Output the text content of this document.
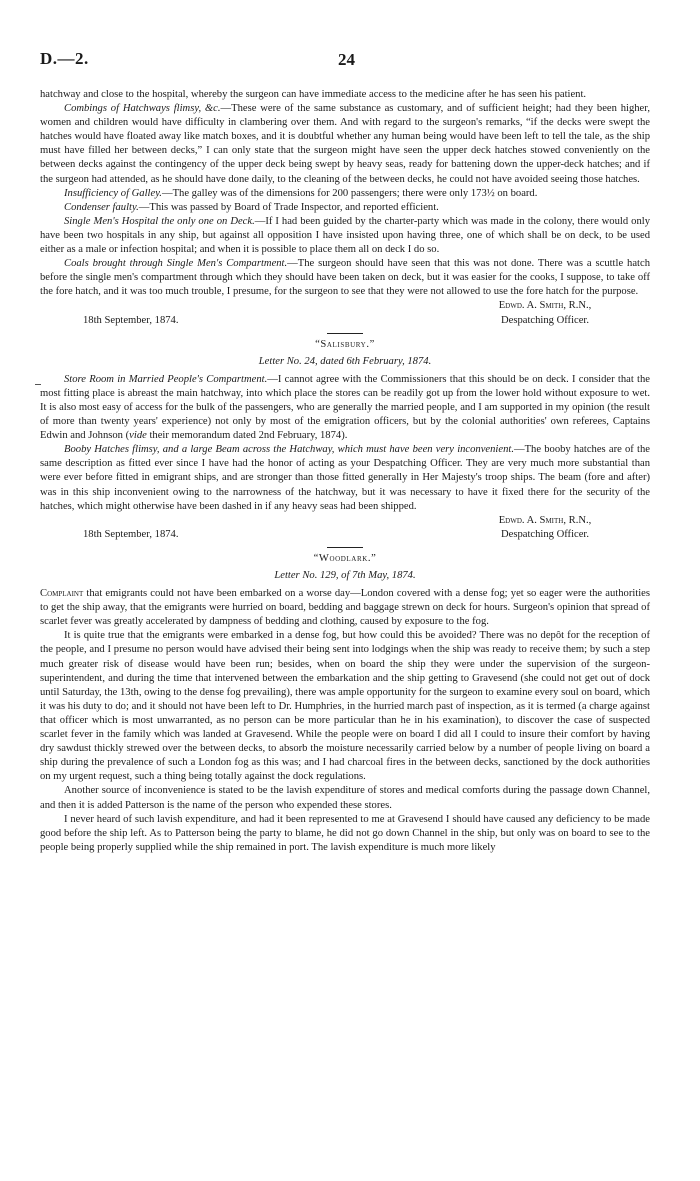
D.—2.	24

hatchway and close to the hospital, whereby the surgeon can have immediate access to the medicine after he has seen his patient.

Combings of Hatchways flimsy, &c.—These were of the same substance as customary, and of sufficient height; had they been higher, women and children would have difficulty in clambering over them. And with regard to the surgeon's remarks, “if the decks were swept the hatches would have floated away like match boxes, and it is doubtful whether any human being would have been left to tell the tale, as the ship must have filled her between decks,” I can only state that the surgeon might have seen the upper deck hatches stowed conveniently on the between decks against the contingency of the upper deck being swept by heavy seas, ready for battening down the upper-deck hatches; and if the surgeon had attended, as he should have done daily, to the cleaning of the between decks, he could not have avoided seeing those hatches.

Insufficiency of Galley.—The galley was of the dimensions for 200 passengers; there were only 173½ on board.

Condenser faulty.—This was passed by Board of Trade Inspector, and reported efficient.

Single Men's Hospital the only one on Deck.—If I had been guided by the charter-party which was made in the colony, there would only have been two hospitals in any ship, but against all opposition I have insisted upon having three, one of which shall be on deck, to be used either as a male or infection hospital; and when it is possible to place them all on deck I do so.

Coals brought through Single Men's Compartment.—The surgeon should have seen that this was not done. There was a scuttle hatch before the single men's compartment through which they should have been taken on deck, but it was easier for the cooks, I suppose, to take off the fore hatch, and it was too much trouble, I presume, for the surgeon to see that they were not allowed to use the fore hatch for the purpose.

Edwd. A. Smith, R.N.,
18th September, 1874.	Despatching Officer.

“Salisbury.”

Letter No. 24, dated 6th February, 1874.

Store Room in Married People's Compartment.—I cannot agree with the Commissioners that this should be on deck. I consider that the most fitting place is abreast the main hatchway, into which place the stores can be readily got up from the lower hold without exposure to wet. It is also most easy of access for the bulk of the passengers, who are generally the married people, and I am supported in my opinion (the result of more than twenty years' experience) not only by most of the emigration officers, but by the colonial authorities' own referees, Captains Edwin and Johnson (vide their memorandum dated 2nd February, 1874).

Booby Hatches flimsy, and a large Beam across the Hatchway, which must have been very inconvenient.—The booby hatches are of the same description as fitted ever since I have had the honor of acting as your Despatching Officer. They are very much more substantial than were ever before fitted in emigrant ships, and are stronger than those fitted generally in Her Majesty's troop ships. The beam (fore and after) was in this ship inconvenient owing to the narrowness of the hatchway, but it was necessary to have it fixed there for the security of the hatches, which might otherwise have been dashed in if any heavy seas had been shipped.

Edwd. A. Smith, R.N.,
18th September, 1874.	Despatching Officer.

“Woodlark.”

Letter No. 129, of 7th May, 1874.

Complaint that emigrants could not have been embarked on a worse day—London covered with a dense fog; yet so eager were the authorities to get the ship away, that the emigrants were hurried on board, bedding and baggage strewn on deck for hours. Surgeon's opinion that spread of scarlet fever was greatly accelerated by dampness of bedding and clothing, caused by exposure to the fog.

It is quite true that the emigrants were embarked in a dense fog, but how could this be avoided? There was no depôt for the reception of the people, and I presume no person would have advised their being sent into lodgings when the ship was ready to receive them; by such a step much greater risk of disease would have been run; besides, when on board the ship they were under the supervision of the surgeon-superintendent, and during the time that intervened between the embarkation and the ship getting to Gravesend (she could not get out of dock until Saturday, the 13th, owing to the dense fog prevailing), there was ample opportunity for the surgeon to examine every soul on board, which it was his duty to do; and it should not have been left to Dr. Humphries, in the hurried march past of inspection, as it is termed (a charge against that officer which is most unwarranted, as no person can be more particular than he in his examination), to discover the case of suspected scarlet fever in the family which was landed at Gravesend. While the people were on board I did all I could to insure their comfort by having dry sawdust thickly strewed over the between decks, to absorb the moisture necessarily carried below by a number of people living on board a ship during the prevalence of such a London fog as this was; and I had charcoal fires in the between decks, sanctioned by the dock authorities on my urgent request, such a thing being totally against the dock regulations.

Another source of inconvenience is stated to be the lavish expenditure of stores and medical comforts during the passage down Channel, and then it is added Patterson is the name of the person who expended these stores.

I never heard of such lavish expenditure, and had it been represented to me at Gravesend I should have caused any deficiency to be made good before the ship left. As to Patterson being the party to blame, he did not go down Channel in the ship, but only was on board to see to the people being properly supplied while the ship remained in port. The lavish expenditure is much more likely
